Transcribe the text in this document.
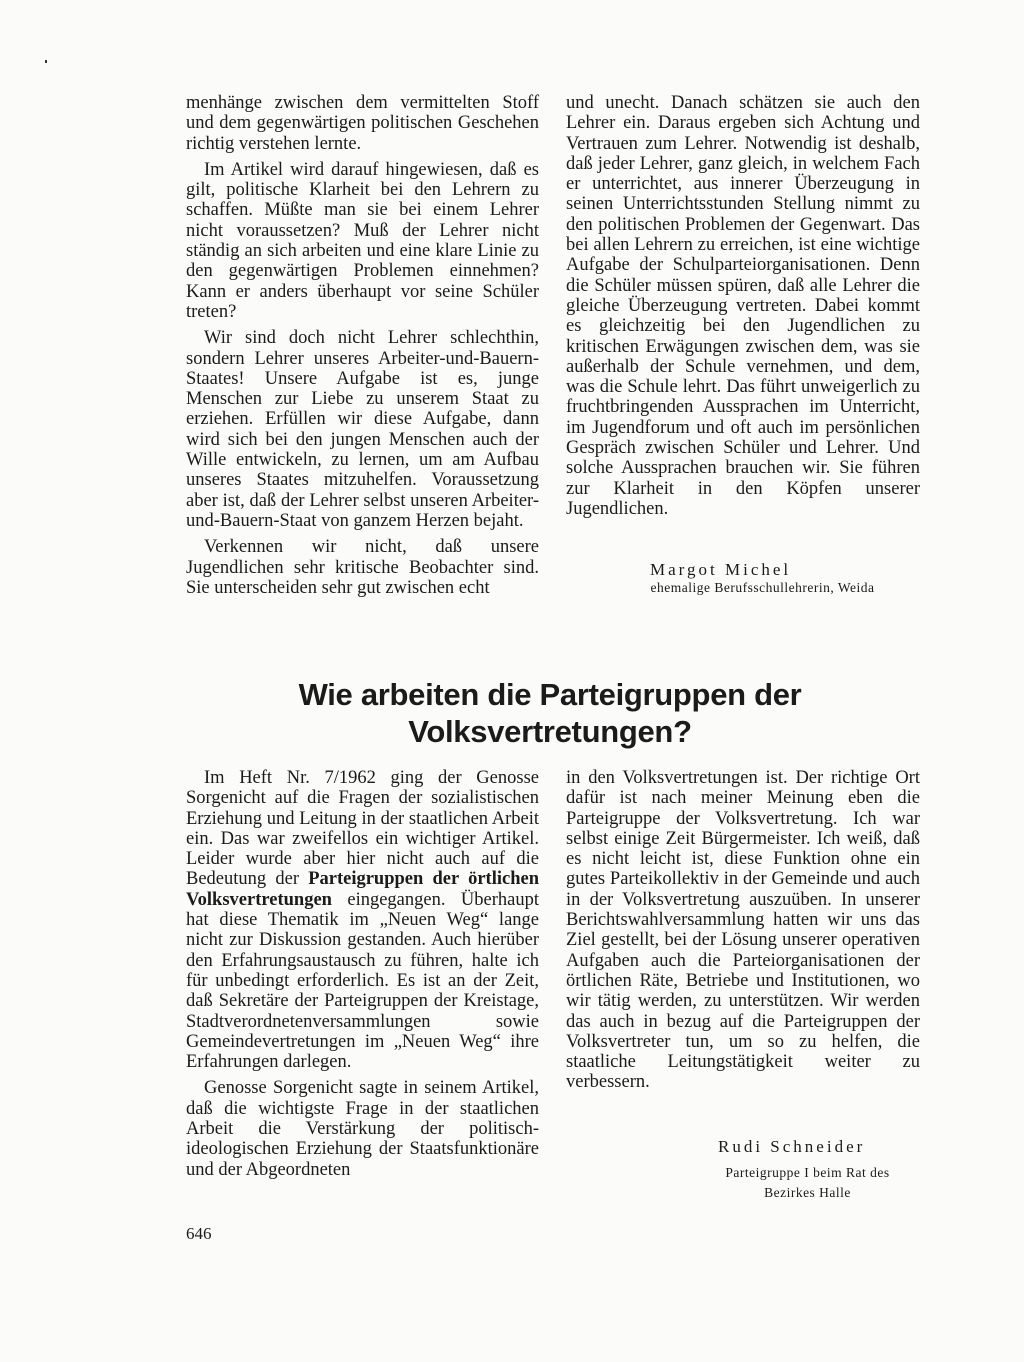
menhänge zwischen dem vermittelten Stoff und dem gegenwärtigen politischen Geschehen richtig verstehen lernte.

Im Artikel wird darauf hingewiesen, daß es gilt, politische Klarheit bei den Lehrern zu schaffen. Müßte man sie bei einem Lehrer nicht voraussetzen? Muß der Lehrer nicht ständig an sich arbeiten und eine klare Linie zu den gegenwärtigen Problemen einnehmen? Kann er anders überhaupt vor seine Schüler treten?

Wir sind doch nicht Lehrer schlechthin, sondern Lehrer unseres Arbeiter-und-Bauern-Staates! Unsere Aufgabe ist es, junge Menschen zur Liebe zu unserem Staat zu erziehen. Erfüllen wir diese Aufgabe, dann wird sich bei den jungen Menschen auch der Wille entwickeln, zu lernen, um am Aufbau unseres Staates mitzuhelfen. Voraussetzung aber ist, daß der Lehrer selbst unseren Arbeiter-und-Bauern-Staat von ganzem Herzen bejaht.

Verkennen wir nicht, daß unsere Jugendlichen sehr kritische Beobachter sind. Sie unterscheiden sehr gut zwischen echt

und unecht. Danach schätzen sie auch den Lehrer ein. Daraus ergeben sich Achtung und Vertrauen zum Lehrer. Notwendig ist deshalb, daß jeder Lehrer, ganz gleich, in welchem Fach er unterrichtet, aus innerer Überzeugung in seinen Unterrichtsstunden Stellung nimmt zu den politischen Problemen der Gegenwart. Das bei allen Lehrern zu erreichen, ist eine wichtige Aufgabe der Schulparteiorganisationen. Denn die Schüler müssen spüren, daß alle Lehrer die gleiche Überzeugung vertreten. Dabei kommt es gleichzeitig bei den Jugendlichen zu kritischen Erwägungen zwischen dem, was sie außerhalb der Schule vernehmen, und dem, was die Schule lehrt. Das führt unweigerlich zu fruchtbringenden Aussprachen im Unterricht, im Jugendforum und oft auch im persönlichen Gespräch zwischen Schüler und Lehrer. Und solche Aussprachen brauchen wir. Sie führen zur Klarheit in den Köpfen unserer Jugendlichen.

Margot Michel
ehemalige Berufsschullehrerin, Weida
Wie arbeiten die Parteigruppen der
Volksvertretungen?

Im Heft Nr. 7/1962 ging der Genosse Sorgenicht auf die Fragen der sozialistischen Erziehung und Leitung in der staatlichen Arbeit ein. Das war zweifellos ein wichtiger Artikel. Leider wurde aber hier nicht auch auf die Bedeutung der Parteigruppen der örtlichen Volksvertretungen eingegangen. Überhaupt hat diese Thematik im „Neuen Weg“ lange nicht zur Diskussion gestanden. Auch hierüber den Erfahrungsaustausch zu führen, halte ich für unbedingt erforderlich. Es ist an der Zeit, daß Sekretäre der Parteigruppen der Kreistage, Stadtverordnetenversammlungen sowie Gemeindevertretungen im „Neuen Weg“ ihre Erfahrungen darlegen.

Genosse Sorgenicht sagte in seinem Artikel, daß die wichtigste Frage in der staatlichen Arbeit die Verstärkung der politisch-ideologischen Erziehung der Staatsfunktionäre und der Abgeordneten

in den Volksvertretungen ist. Der richtige Ort dafür ist nach meiner Meinung eben die Parteigruppe der Volksvertretung. Ich war selbst einige Zeit Bürgermeister. Ich weiß, daß es nicht leicht ist, diese Funktion ohne ein gutes Parteikollektiv in der Gemeinde und auch in der Volksvertretung auszuüben. In unserer Berichtswahlversammlung hatten wir uns das Ziel gestellt, bei der Lösung unserer operativen Aufgaben auch die Parteiorganisationen der örtlichen Räte, Betriebe und Institutionen, wo wir tätig werden, zu unterstützen. Wir werden das auch in bezug auf die Parteigruppen der Volksvertreter tun, um so zu helfen, die staatliche Leitungstätigkeit weiter zu verbessern.

Rudi Schneider
Parteigruppe I beim Rat des
Bezirkes Halle
646
